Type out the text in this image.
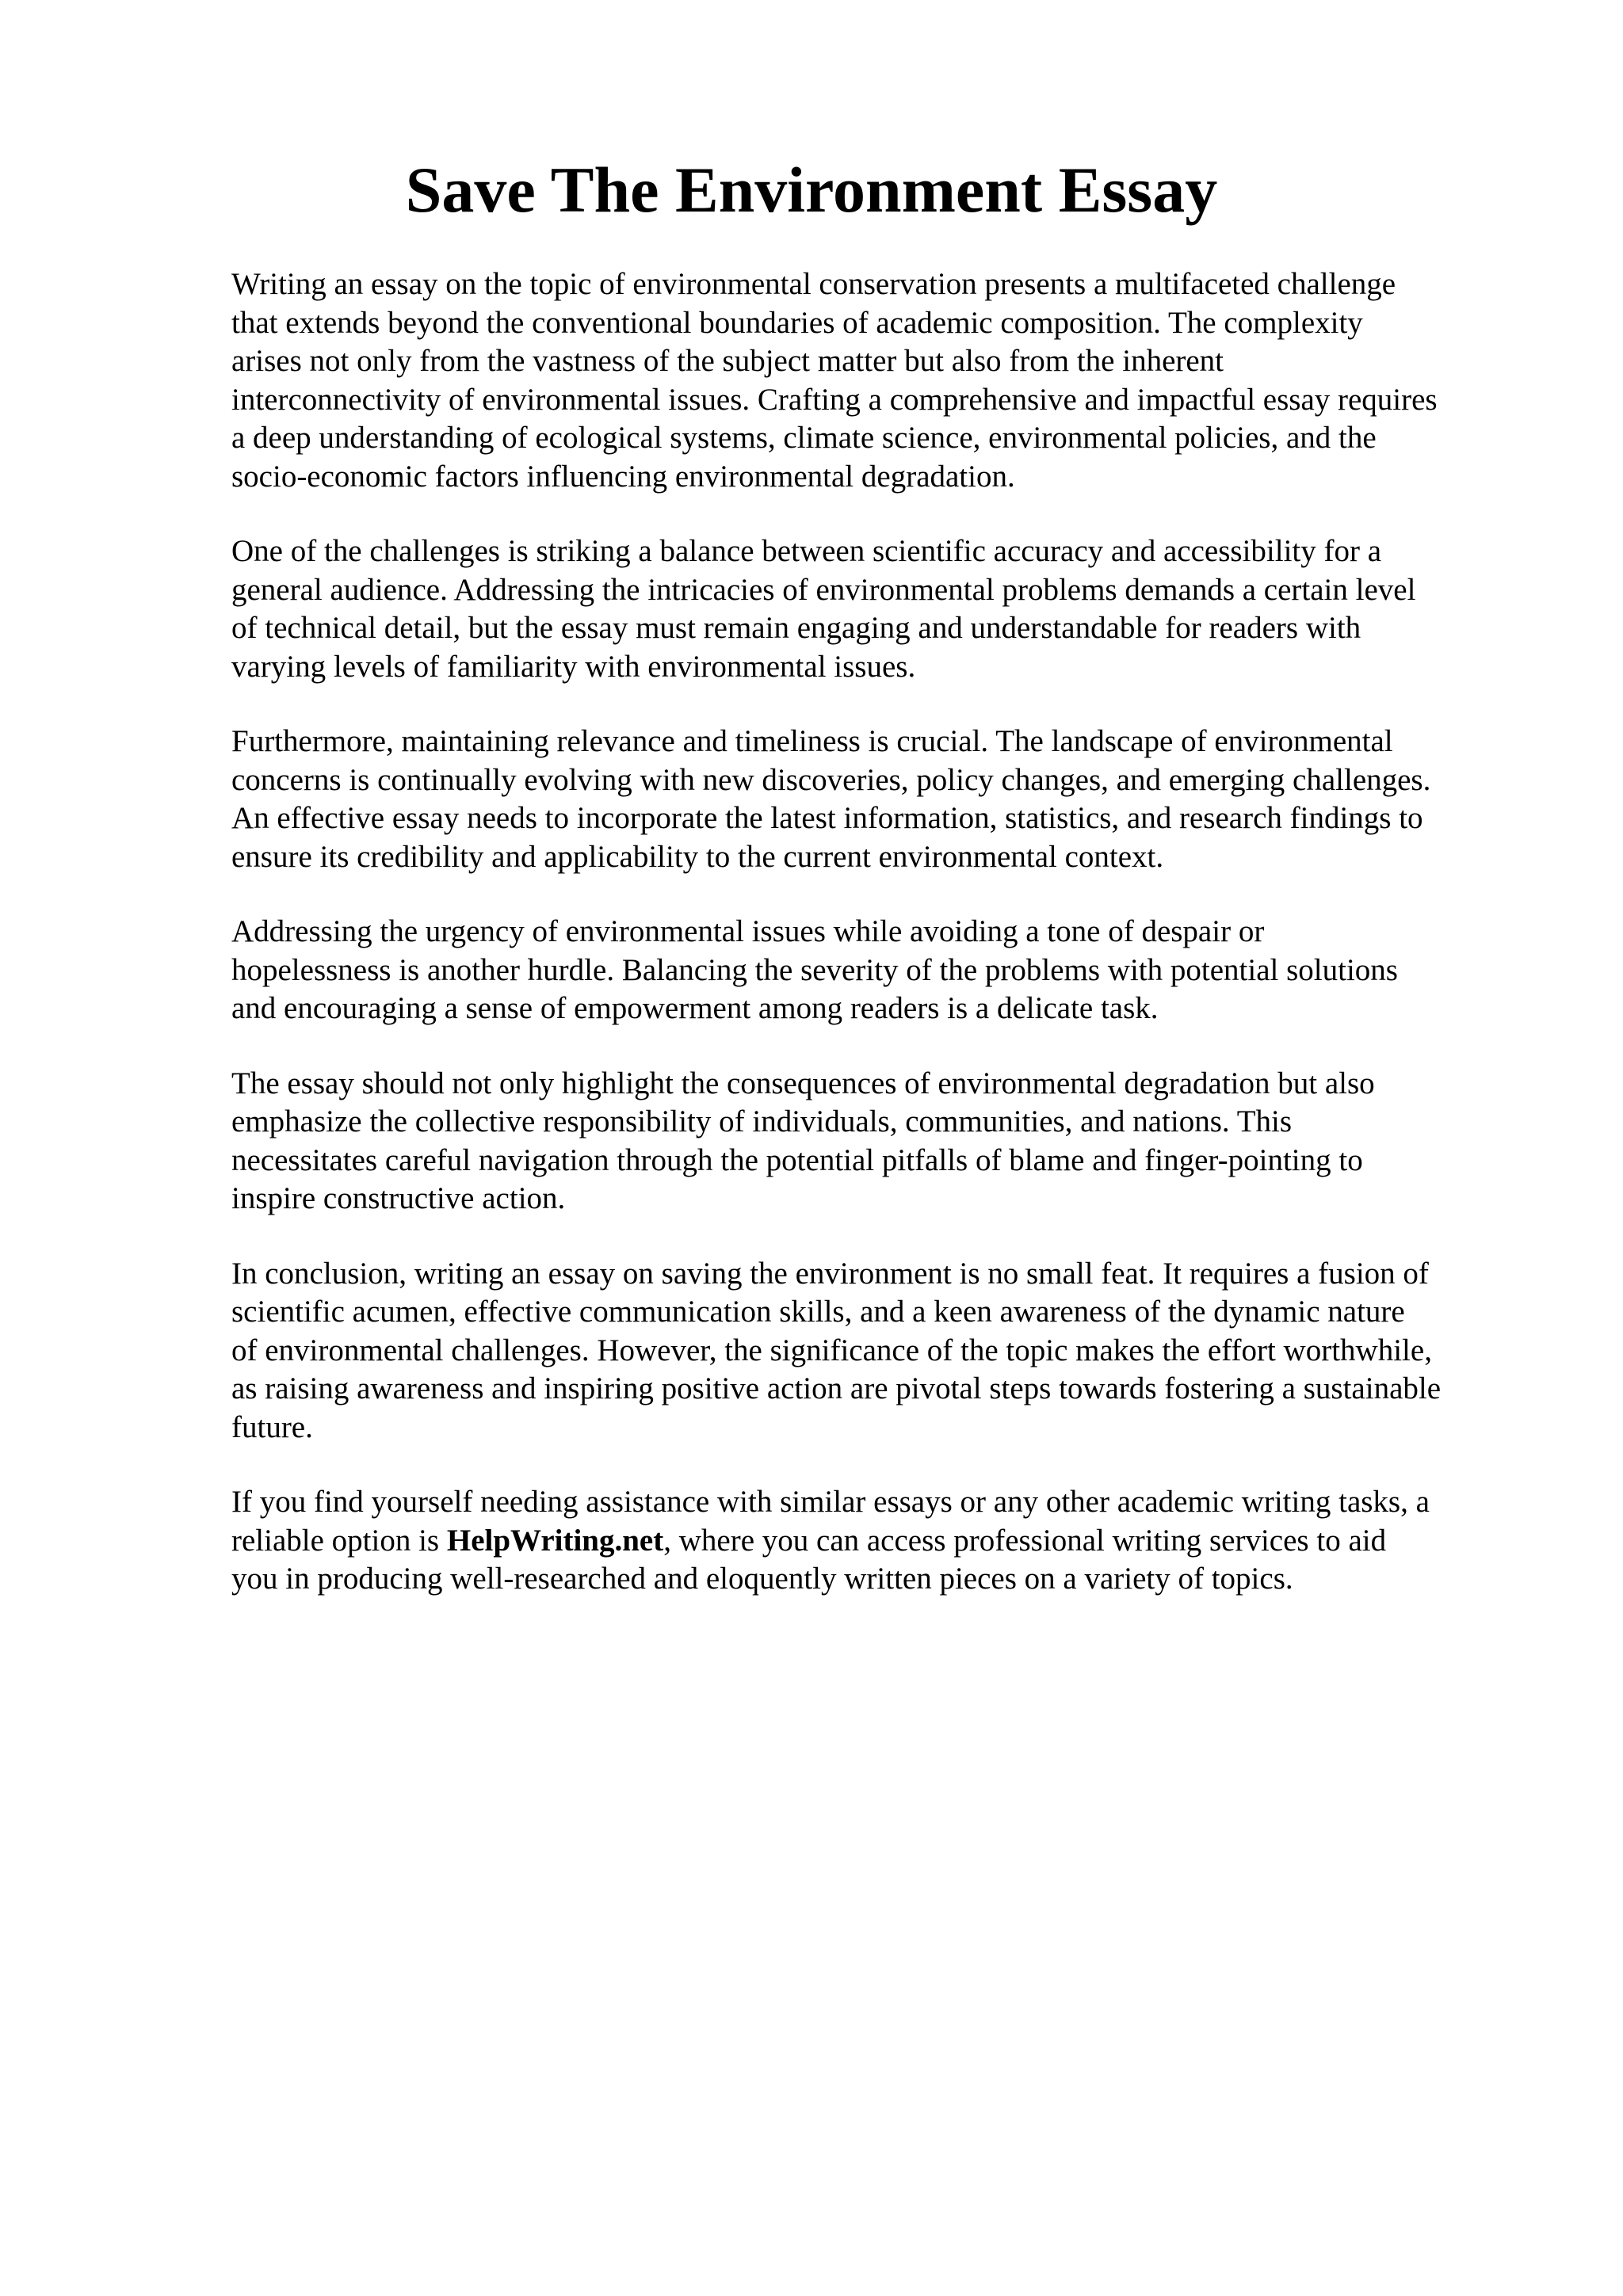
Save The Environment Essay

Writing an essay on the topic of environmental conservation presents a multifaceted challenge
that extends beyond the conventional boundaries of academic composition. The complexity
arises not only from the vastness of the subject matter but also from the inherent
interconnectivity of environmental issues. Crafting a comprehensive and impactful essay requires
a deep understanding of ecological systems, climate science, environmental policies, and the
socio-economic factors influencing environmental degradation.

One of the challenges is striking a balance between scientific accuracy and accessibility for a
general audience. Addressing the intricacies of environmental problems demands a certain level
of technical detail, but the essay must remain engaging and understandable for readers with
varying levels of familiarity with environmental issues.

Furthermore, maintaining relevance and timeliness is crucial. The landscape of environmental
concerns is continually evolving with new discoveries, policy changes, and emerging challenges.
An effective essay needs to incorporate the latest information, statistics, and research findings to
ensure its credibility and applicability to the current environmental context.

Addressing the urgency of environmental issues while avoiding a tone of despair or
hopelessness is another hurdle. Balancing the severity of the problems with potential solutions
and encouraging a sense of empowerment among readers is a delicate task.

The essay should not only highlight the consequences of environmental degradation but also
emphasize the collective responsibility of individuals, communities, and nations. This
necessitates careful navigation through the potential pitfalls of blame and finger-pointing to
inspire constructive action.

In conclusion, writing an essay on saving the environment is no small feat. It requires a fusion of
scientific acumen, effective communication skills, and a keen awareness of the dynamic nature
of environmental challenges. However, the significance of the topic makes the effort worthwhile,
as raising awareness and inspiring positive action are pivotal steps towards fostering a sustainable
future.

If you find yourself needing assistance with similar essays or any other academic writing tasks, a
reliable option is HelpWriting.net, where you can access professional writing services to aid
you in producing well-researched and eloquently written pieces on a variety of topics.
